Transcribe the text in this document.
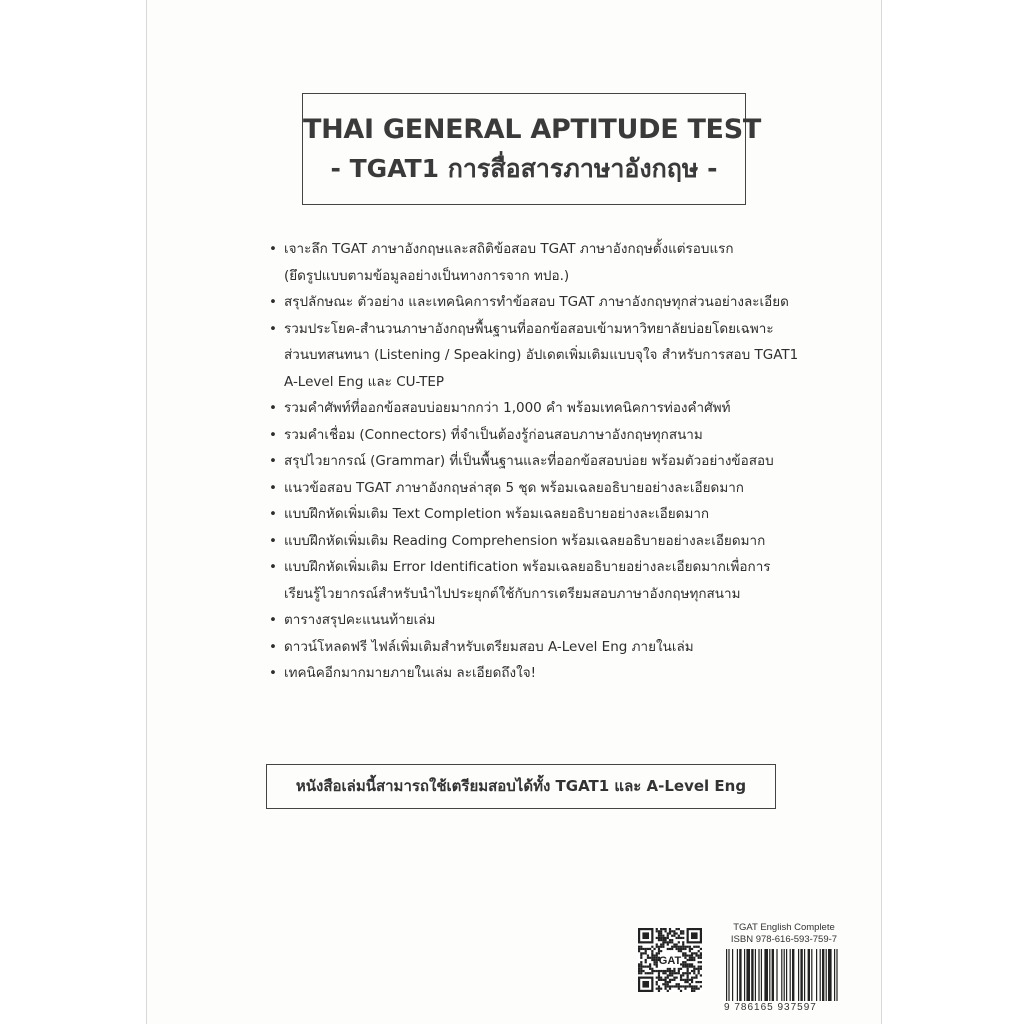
THAI GENERAL APTITUDE TEST
- TGAT1 การสื่อสารภาษาอังกฤษ -
• เจาะลึก TGAT ภาษาอังกฤษและสถิติข้อสอบ TGAT ภาษาอังกฤษตั้งแต่รอบแรก
(ยึดรูปแบบตามข้อมูลอย่างเป็นทางการจาก ทปอ.)
• สรุปลักษณะ ตัวอย่าง และเทคนิคการทำข้อสอบ TGAT ภาษาอังกฤษทุกส่วนอย่างละเอียด
• รวมประโยค-สำนวนภาษาอังกฤษพื้นฐานที่ออกข้อสอบเข้ามหาวิทยาลัยบ่อยโดยเฉพาะ
ส่วนบทสนทนา (Listening / Speaking) อัปเดตเพิ่มเติมแบบจุใจ สำหรับการสอบ TGAT1
A-Level Eng และ CU-TEP
• รวมคำศัพท์ที่ออกข้อสอบบ่อยมากกว่า 1,000 คำ พร้อมเทคนิคการท่องคำศัพท์
• รวมคำเชื่อม (Connectors) ที่จำเป็นต้องรู้ก่อนสอบภาษาอังกฤษทุกสนาม
• สรุปไวยากรณ์ (Grammar) ที่เป็นพื้นฐานและที่ออกข้อสอบบ่อย พร้อมตัวอย่างข้อสอบ
• แนวข้อสอบ TGAT ภาษาอังกฤษล่าสุด 5 ชุด พร้อมเฉลยอธิบายอย่างละเอียดมาก
• แบบฝึกหัดเพิ่มเติม Text Completion พร้อมเฉลยอธิบายอย่างละเอียดมาก
• แบบฝึกหัดเพิ่มเติม Reading Comprehension พร้อมเฉลยอธิบายอย่างละเอียดมาก
• แบบฝึกหัดเพิ่มเติม Error Identification พร้อมเฉลยอธิบายอย่างละเอียดมากเพื่อการ
เรียนรู้ไวยากรณ์สำหรับนำไปประยุกต์ใช้กับการเตรียมสอบภาษาอังกฤษทุกสนาม
• ตารางสรุปคะแนนท้ายเล่ม
• ดาวน์โหลดฟรี ไฟล์เพิ่มเติมสำหรับเตรียมสอบ A-Level Eng ภายในเล่ม
• เทคนิคอีกมากมายภายในเล่ม ละเอียดถึงใจ!
หนังสือเล่มนี้สามารถใช้เตรียมสอบได้ทั้ง TGAT1 และ A-Level Eng
GAT
TGAT English Complete
ISBN 978-616-593-759-7
9 786165 937597
